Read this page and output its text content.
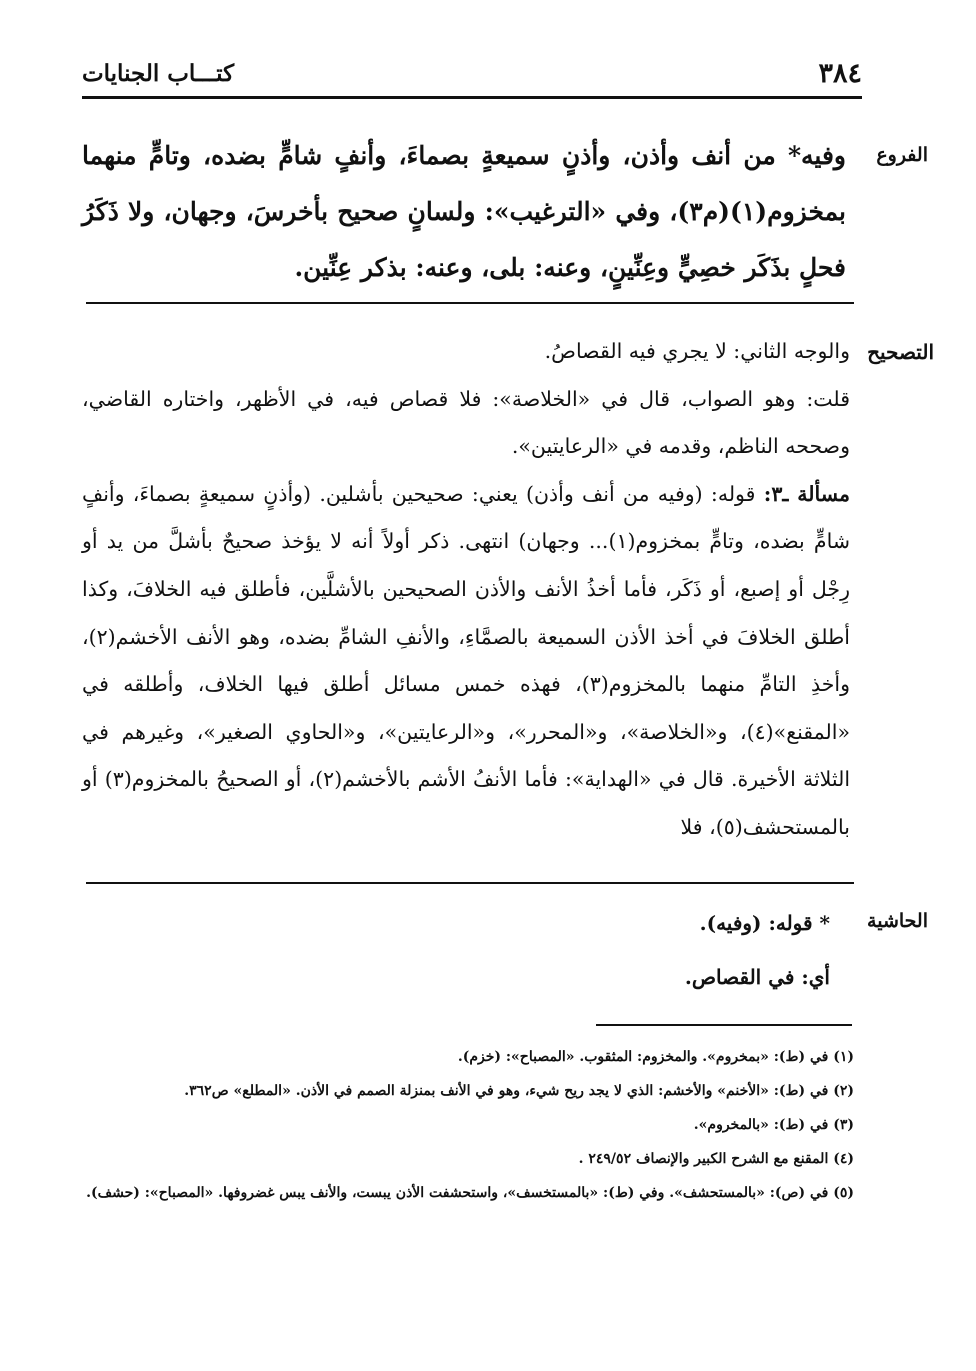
٣٨٤
كتـــاب الجنايات
الفروع

وفيه* من أنف وأذن، وأذنٍ سميعةٍ بصماءَ، وأنفٍ شامٍّ بضده، وتامٍّ منهما بمخزوم(١)(م٣)، وفي «الترغيب»: ولسانٍ صحيح بأخرسَ، وجهان، ولا ذَكَرُ فحلٍ بذَكَر خصِيٍّ وعِنِّينٍ، وعنه: بلى، وعنه: بذكر عِنِّين.

التصحيح

والوجه الثاني: لا يجري فيه القصاصُ.

قلت: وهو الصواب، قال في «الخلاصة»: فلا قصاص فيه، في الأظهر، واختاره القاضي، وصححه الناظم، وقدمه في «الرعايتين».

مسألة ـ٣: قوله: (وفيه من أنف وأذن) يعني: صحيحين بأشلين. (وأذنٍ سميعةٍ بصماءَ، وأنفٍ شامٍّ بضده، وتامٍّ بمخزوم(١)... وجهان) انتهى. ذكر أولاً أنه لا يؤخذ صحيحٌ بأشلَّ من يد أو رِجْل أو إصبع، أو ذَكَر، فأما أخذُ الأنف والأذن الصحيحين بالأشلَّين، فأطلق فيه الخلافَ، وكذا أطلق الخلافَ في أخذ الأذن السميعة بالصمَّاءِ، والأنفِ الشامِّ بضده، وهو الأنف الأخشم(٢)، وأخذِ التامِّ منهما بالمخزوم(٣)، فهذه خمس مسائل أطلق فيها الخلاف، وأطلقه في «المقنع»(٤)، و«الخلاصة»، و«المحرر»، و«الرعايتين»، و«الحاوي الصغير»، وغيرهم في الثلاثة الأخيرة. قال في «الهداية»: فأما الأنفُ الأشم بالأخشم(٢)، أو الصحيحُ بالمخزوم(٣) أو بالمستحشف(٥)، فلا

الحاشية

* قوله: (وفيه).

أي: في القصاص.

(١) في (ط): «بمخروم». والمخزوم: المثقوب. «المصباح»: (خزم).

(٢) في (ط): «الأخنم» والأخشم: الذي لا يجد ريح شيء، وهو في الأنف بمنزلة الصمم في الأذن. «المطلع» ص٣٦٢.

(٣) في (ط): «بالمخروم».

(٤) المقنع مع الشرح الكبير والإنصاف ٢٤٩/٥٢ .

(٥) في (ص): «بالمستحشف». وفي (ط): «بالمستخسف»، واستحشفت الأذن يبست، والأنف يبس غضروفها. «المصباح»: (حشف).
